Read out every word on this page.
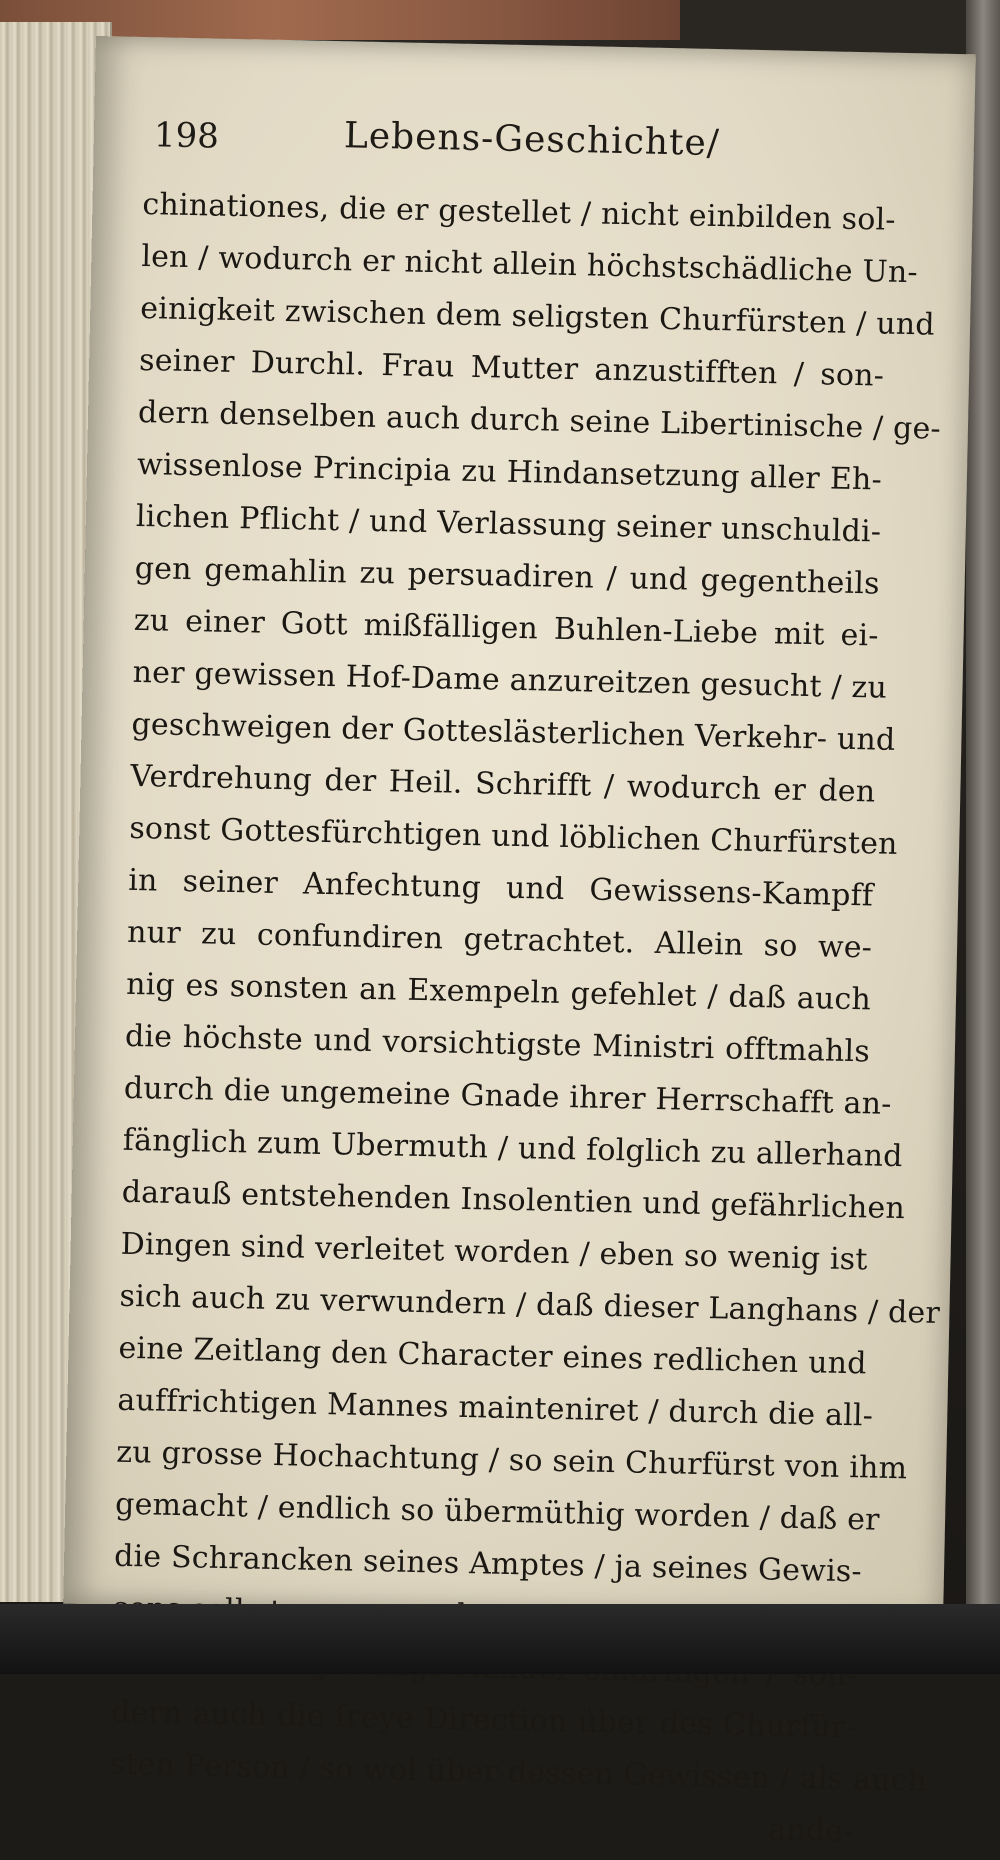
198	Lebens-Geschichte/
chinationes, die er gestellet / nicht einbilden sol-
len / wodurch er nicht allein höchstschädliche Un-
einigkeit zwischen dem seligsten Churfürsten / und
seiner Durchl. Frau Mutter anzustifften / son-
dern denselben auch durch seine Libertinische / ge-
wissenlose Principia zu Hindansetzung aller Eh-
lichen Pflicht / und Verlassung seiner unschuldi-
gen gemahlin zu persuadiren / und gegentheils
zu einer Gott mißfälligen Buhlen-Liebe mit ei-
ner gewissen Hof-Dame anzureitzen gesucht / zu
geschweigen der Gotteslästerlichen Verkehr- und
Verdrehung der Heil. Schrifft / wodurch er den
sonst Gottesfürchtigen und löblichen Churfürsten
in seiner Anfechtung und Gewissens-Kampff
nur zu confundiren getrachtet. Allein so we-
nig es sonsten an Exempeln gefehlet / daß auch
die höchste und vorsichtigste Ministri offtmahls
durch die ungemeine Gnade ihrer Herrschafft an-
fänglich zum Ubermuth / und folglich zu allerhand
darauß entstehenden Insolentien und gefährlichen
Dingen sind verleitet worden / eben so wenig ist
sich auch zu verwundern / daß dieser Langhans / der
eine Zeitlang den Character eines redlichen und
auffrichtigen Mannes mainteniret / durch die all-
zu grosse Hochachtung / so sein Churfürst von ihm
gemacht / endlich so übermüthig worden / daß er
die Schrancken seines Amptes / ja seines Gewis-
dern auch die freye Direction über des Churfür-
sten Person / so wol über dessen Gewissen / als auch
ande-
